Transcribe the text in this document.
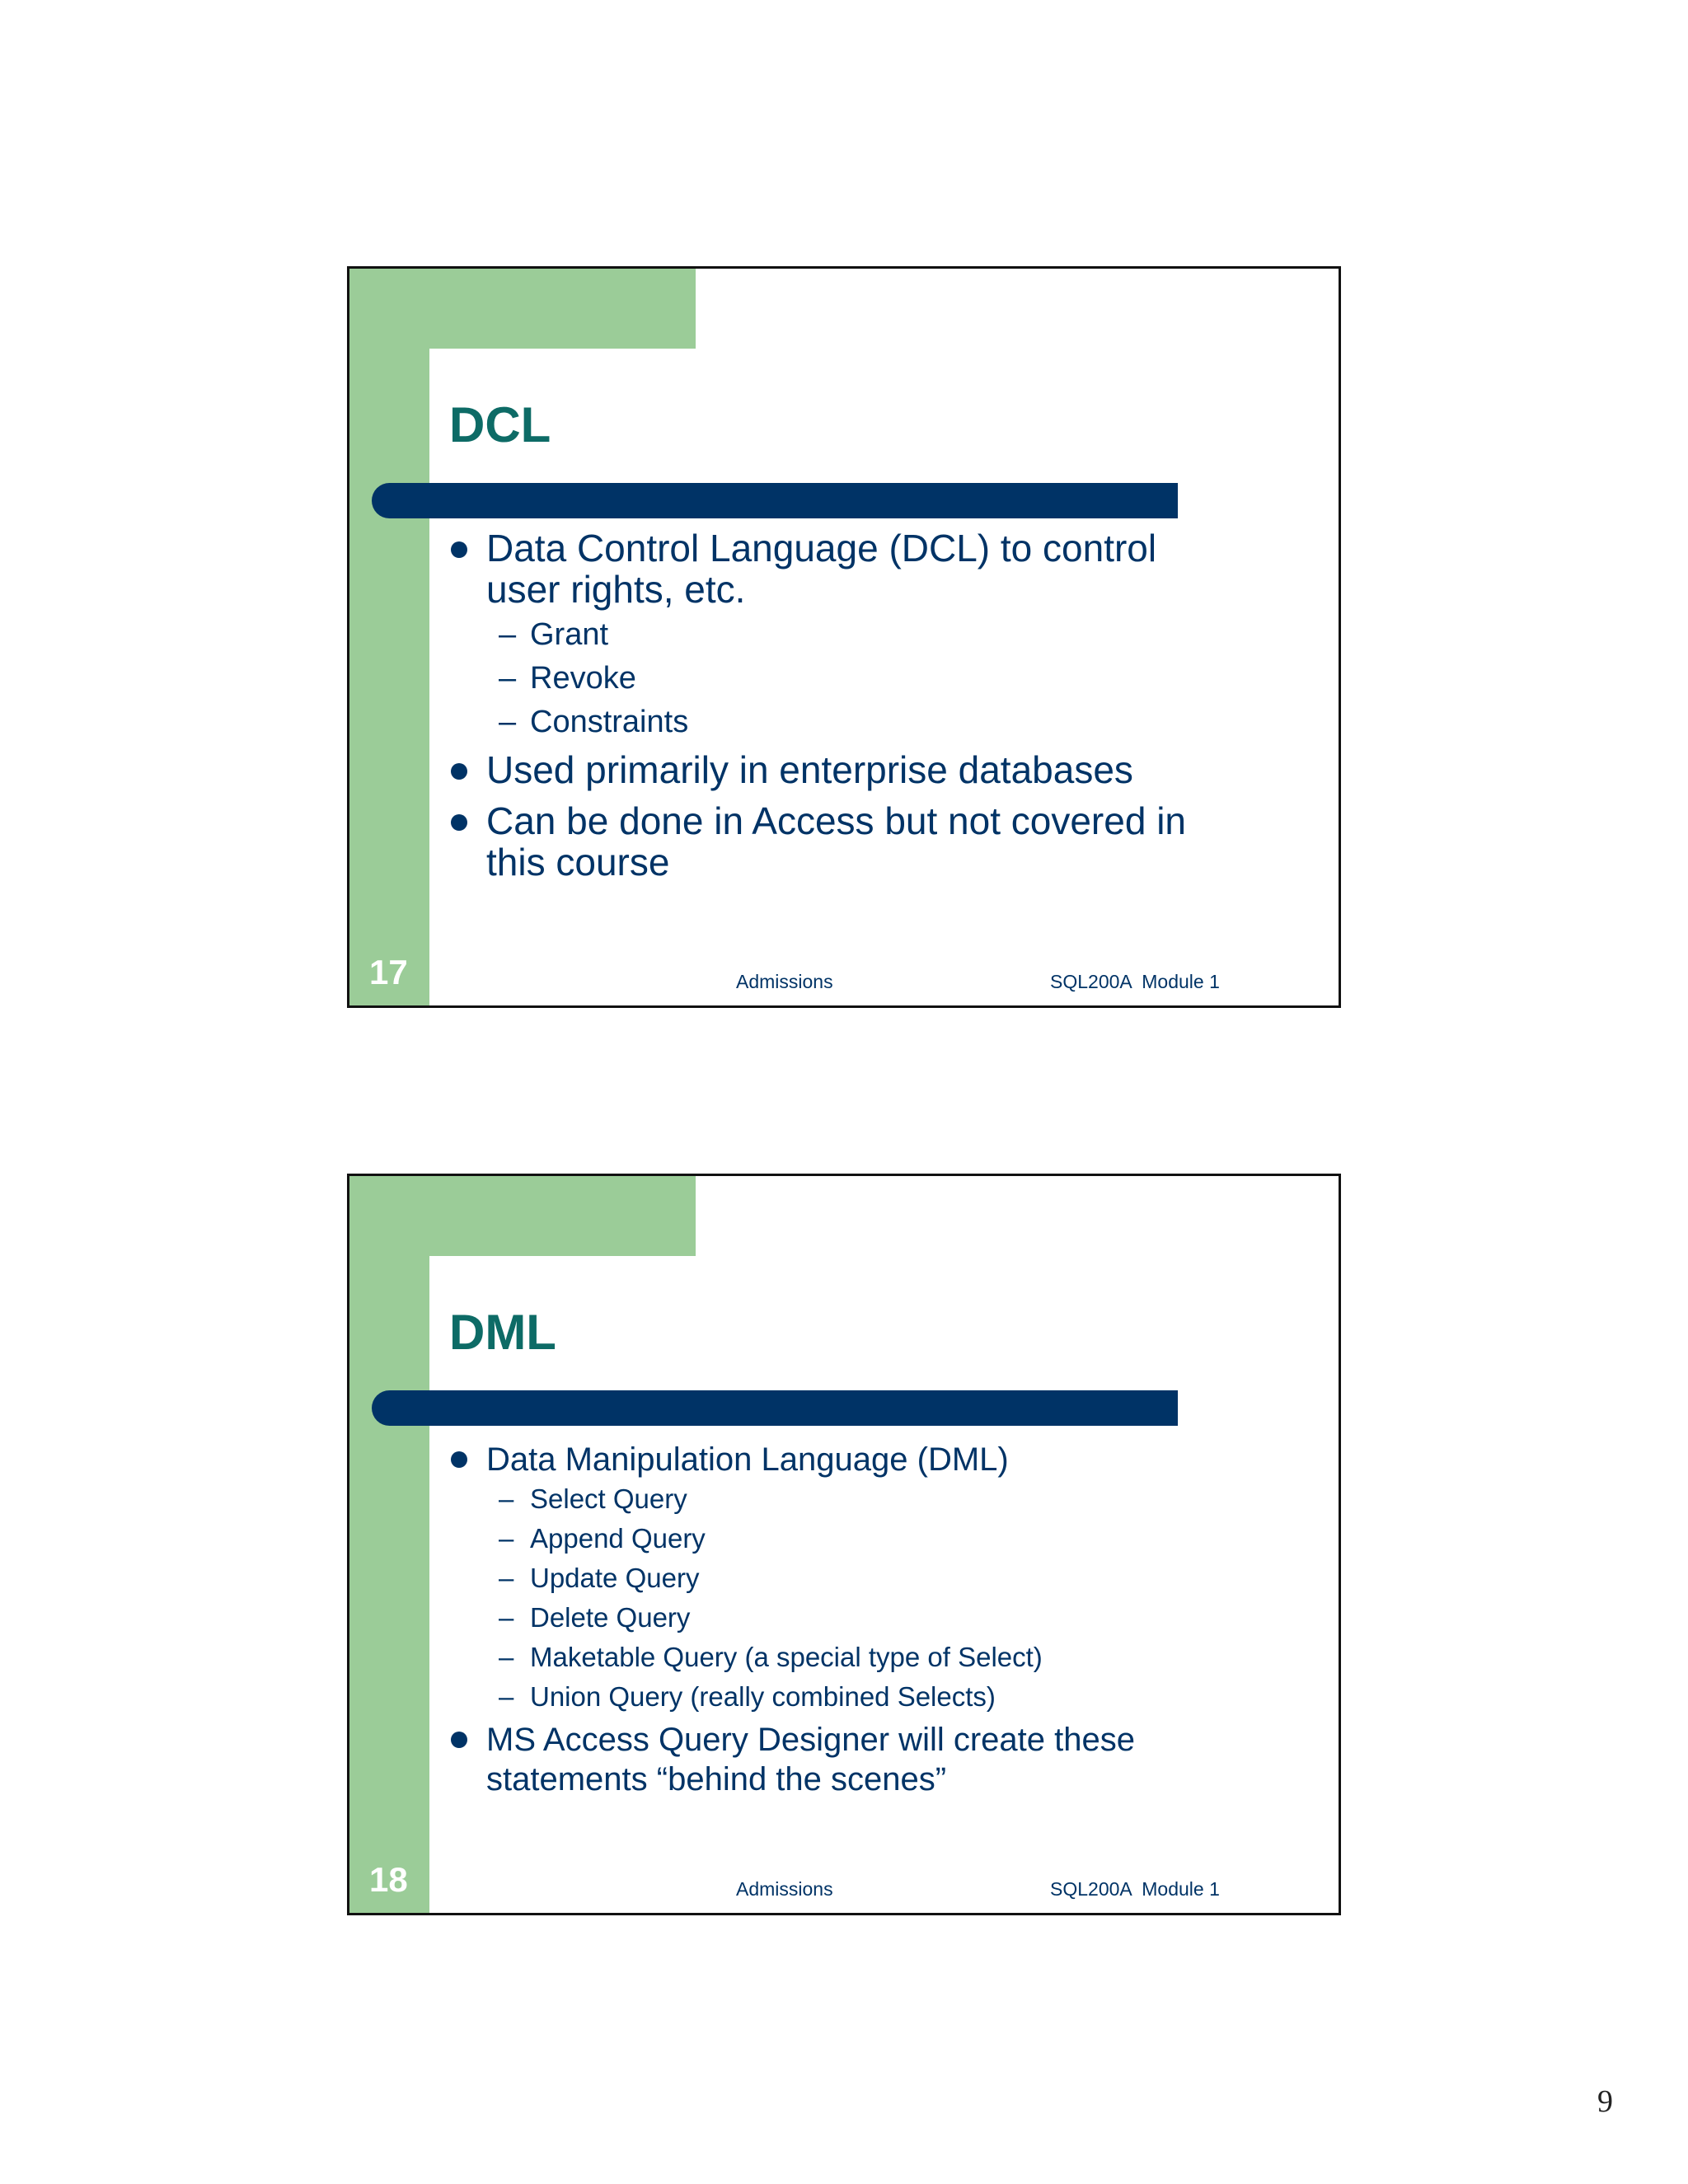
DCL
Data Control Language (DCL) to control user rights, etc.
– Grant
– Revoke
– Constraints
Used primarily in enterprise databases
Can be done in Access but not covered in this course
17	Admissions	SQL200A  Module 1
DML
Data Manipulation Language (DML)
– Select Query
– Append Query
– Update Query
– Delete Query
– Maketable Query (a special type of Select)
– Union Query (really combined Selects)
MS Access Query Designer will create these statements “behind the scenes”
18	Admissions	SQL200A  Module 1
9
